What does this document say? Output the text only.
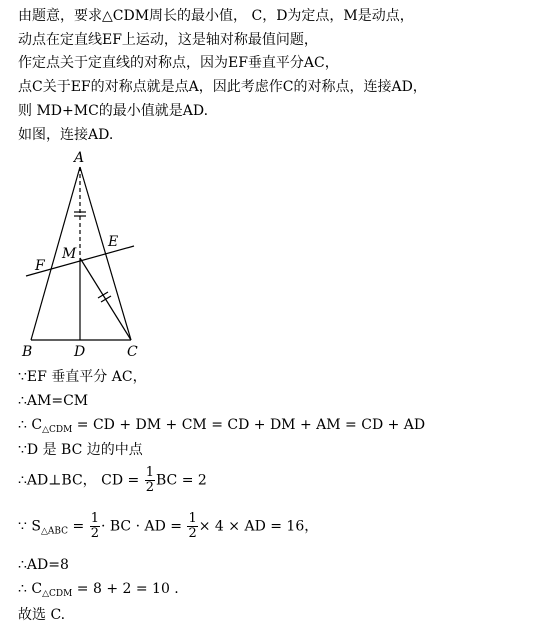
由题意，要求△CDM周长的最小值， C，D为定点，M是动点，
动点在定直线EF上运动，这是轴对称最值问题，
作定点关于定直线的对称点，因为EF垂直平分AC，
点C关于EF的对称点就是点A，因此考虑作C的对称点，连接AD，
则 MD+MC的最小值就是AD.
如图，连接AD.
A
E
M
F
B	D	C
∵EF 垂直平分 AC，
∴AM=CM
∴ $C_{\triangle CDM}$ = CD + DM + CM = CD + DM + AM = CD + AD
∵D 是 BC 边的中点
∴AD⊥BC， CD = $\frac{1}{2}$ BC = 2
∵ $S_{\triangle ABC} = \frac{1}{2}$ · BC · AD = $\frac{1}{2} \times 4$ × AD = 16，
∴AD=8
∴ $C_{\triangle CDM} = 8 + 2 = 10$ .
故选 C.
